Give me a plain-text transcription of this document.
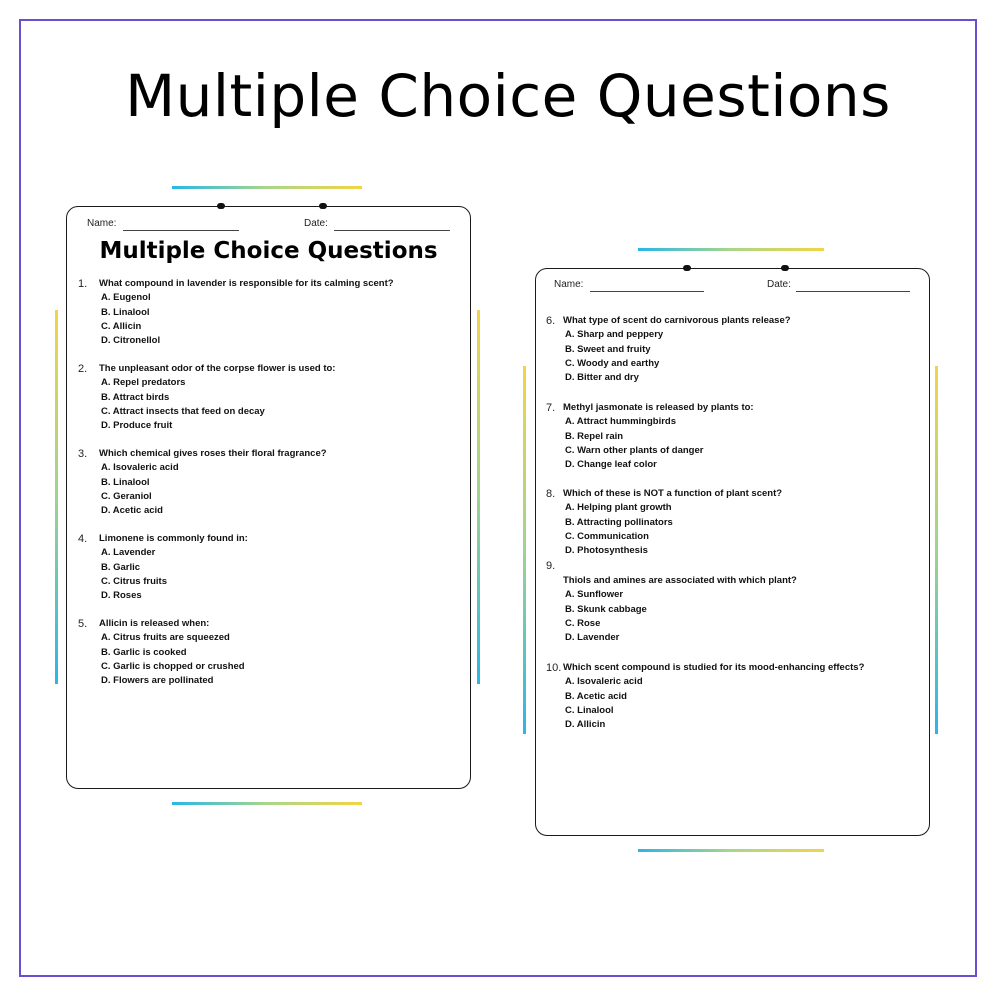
Multiple Choice Questions
Name:	Date:
Multiple Choice Questions
1. What compound in lavender is responsible for its calming scent?
A. Eugenol
B. Linalool
C. Allicin
D. Citronellol
2. The unpleasant odor of the corpse flower is used to:
A. Repel predators
B. Attract birds
C. Attract insects that feed on decay
D. Produce fruit
3. Which chemical gives roses their floral fragrance?
A. Isovaleric acid
B. Linalool
C. Geraniol
D. Acetic acid
4. Limonene is commonly found in:
A. Lavender
B. Garlic
C. Citrus fruits
D. Roses
5. Allicin is released when:
A. Citrus fruits are squeezed
B. Garlic is cooked
C. Garlic is chopped or crushed
D. Flowers are pollinated
Name:	Date:
6. What type of scent do carnivorous plants release?
A. Sharp and peppery
B. Sweet and fruity
C. Woody and earthy
D. Bitter and dry
7. Methyl jasmonate is released by plants to:
A. Attract hummingbirds
B. Repel rain
C. Warn other plants of danger
D. Change leaf color
8. Which of these is NOT a function of plant scent?
A. Helping plant growth
B. Attracting pollinators
C. Communication
D. Photosynthesis
9.
Thiols and amines are associated with which plant?
A. Sunflower
B. Skunk cabbage
C. Rose
D. Lavender
10. Which scent compound is studied for its mood-enhancing effects?
A. Isovaleric acid
B. Acetic acid
C. Linalool
D. Allicin
